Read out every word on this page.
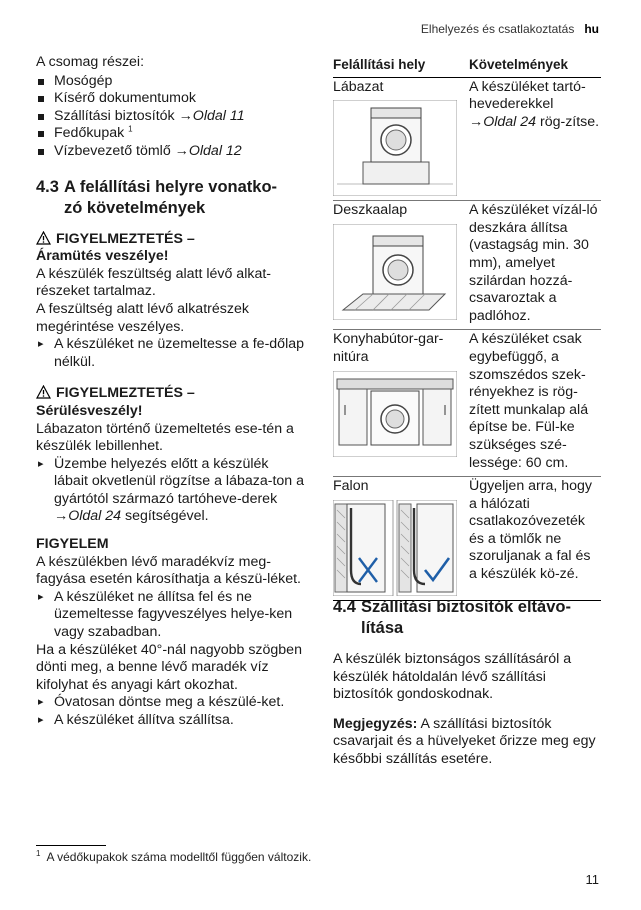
Elhelyezés és csatlakoztatás hu

A csomag részei:

Mosógép
Kísérő dokumentumok
Szállítási biztosítók →Oldal 11
Fedőkupak $^1$
Vízbevezető tömlő →Oldal 12
4.3 A felállítási helyre vonatko-
zó követelmények
FIGYELMEZTETÉS –
Áramütés veszélye!

A készülék feszültség alatt lévő alkat-részeket tartalmaz.

A feszültség alatt lévő alkatrészek megérintése veszélyes.

▸ A készüléket ne üzemeltesse a fe-dőlap nélkül.
FIGYELMEZTETÉS –
Sérülésveszély!

Lábazaton történő üzemeltetés ese-tén a készülék lebillenhet.

▸ Üzembe helyezés előtt a készülék lábait okvetlenül rögzítse a lábaza-ton a gyártótól származó tartóheve-derek →Oldal 24 segítségével.
FIGYELEM

A készülékben lévő maradékvíz meg-fagyása esetén károsíthatja a készü-léket.

▸ A készüléket ne állítsa fel és ne üzemeltesse fagyveszélyes helye-ken vagy szabadban.

Ha a készüléket 40°-nál nagyobb szögben dönti meg, a benne lévő maradék víz kifolyhat és anyagi kárt okozhat.

▸ Óvatosan döntse meg a készülé-ket.
▸ A készüléket állítva szállítsa.
Felállítási hely	Követelmények

Lábazat	A készüléket tartó-hevederekkel →Oldal 24 rög-zítse.

Deszkaalap	A készüléket vízál-ló deszkára állítsa (vastagság min. 30 mm), amelyet szilárdan hozzá-csavaroztak a padlóhoz.

Konyhabútor-gar-nitúra	A készüléket csak egybefüggő, a szomszédos szek-rényekhez is rög-zített munkalap alá építse be. Fül-ke szükséges szé-lessége: 60 cm.

Falon	Ügyeljen arra, hogy a hálózati csatlakozóvezeték és a tömlők ne szoruljanak a fal és a készülék kö-zé.
4.4 Szállítási biztosítók eltávo-
lítása

A készülék biztonságos szállításáról a készülék hátoldalán lévő szállítási biztosítók gondoskodnak.

Megjegyzés: A szállítási biztosítók csavarjait és a hüvelyeket őrizze meg egy későbbi szállítás esetére.

$^1$ A védőkupakok száma modelltől függően változik.
11
